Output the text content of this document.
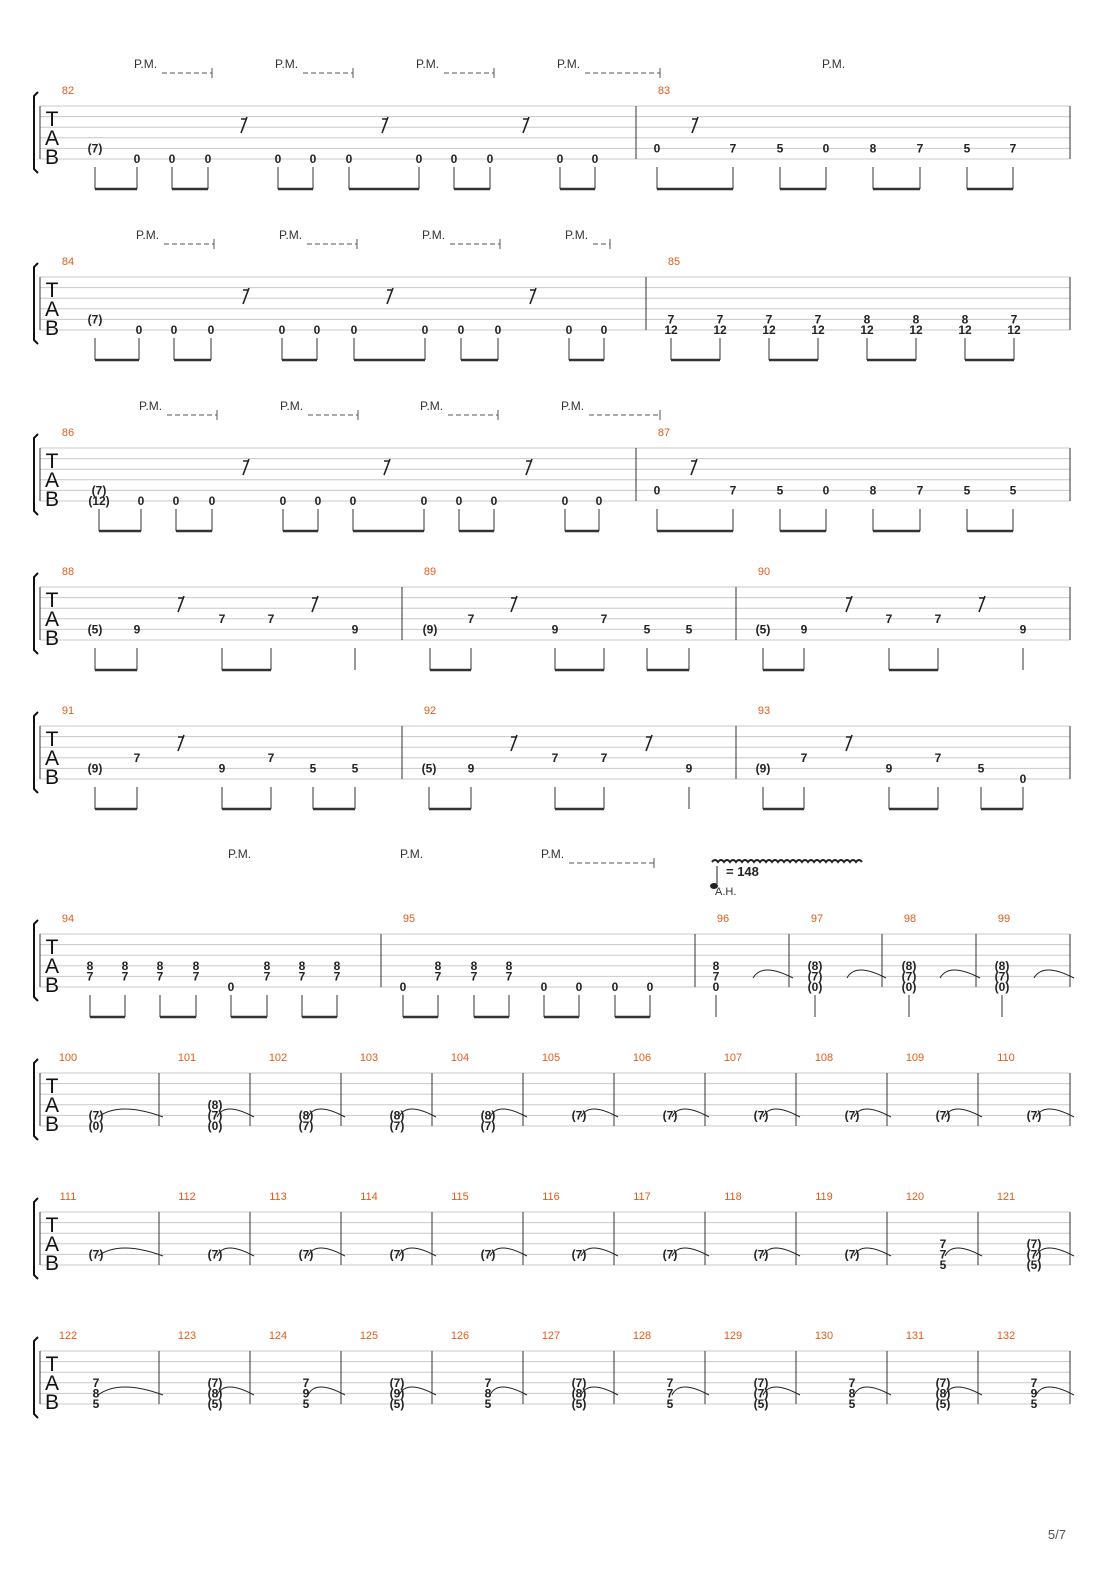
T
A
B
82
(7)
0 0 0	0 0 0	0 0 0	0 0
83
0	7	5	0	8	7	5	7
T
A
B
84
(7)
0 0	0	0 0	0	0 0	0	0 0
85
7
12
7
12
7
12
7
12
8
12
8
12
8
12
7
12
T
A
B
86
(7)
(12) 0 0 0	0 0 0	0 0 0	0 0
87
0	7	5	0	8	7	5	5
T
A
B
88
(5)	9
7	7
9
89
(9)
7
9
7
5	5
90
(5)	9
7	7
9
T
A
B
91
(9)
7
9
7
5	5
92
(5)	9
7	7
9
93
(9)
7
9
7
5
0
T
A
B
94
8
7
8
7
8
7
8
7
0
8
7
8
7
8
7
95
0
8
7
8
7
8
7
0 0 0 0
96
8
7
0
97
(8)
(7)
(0)
98
(8)
(7)
(0)
99
(8)
(7)
(0)
T
A
B
100
(7)
(0)
101
(8)
(7)
(0)
102
(8)
(7)
103
(8)
(7)
104
(8)
(7)
105
(7)
106
(7)
107
(7)
108
(7)
109
(7)
110
(7)
T
A
B
111
(7)
112
(7)
113
(7)
114
(7)
115
(7)
116
(7)
117
(7)
118
(7)
119
(7)
120
7
7
5
121
(7)
(7)
(5)
T
A
B
122
7
8
5
123
(7)
(8)
(5)
124
7
9
5
125
(7)
(9)
(5)
126
7
8
5
127
(7)
(8)
(5)
128
7
7
5
129
(7)
(7)
(5)
130
7
8
5
131
(7)
(8)
(5)
132
7
9
5
P.M.	P.M.	P.M.	P.M.	P.M.
P.M.	P.M.	P.M.	P.M.
P.M.	P.M.	P.M.	P.M.
P.M.	P.M.	P.M.
= 148
A.H.
5/7
